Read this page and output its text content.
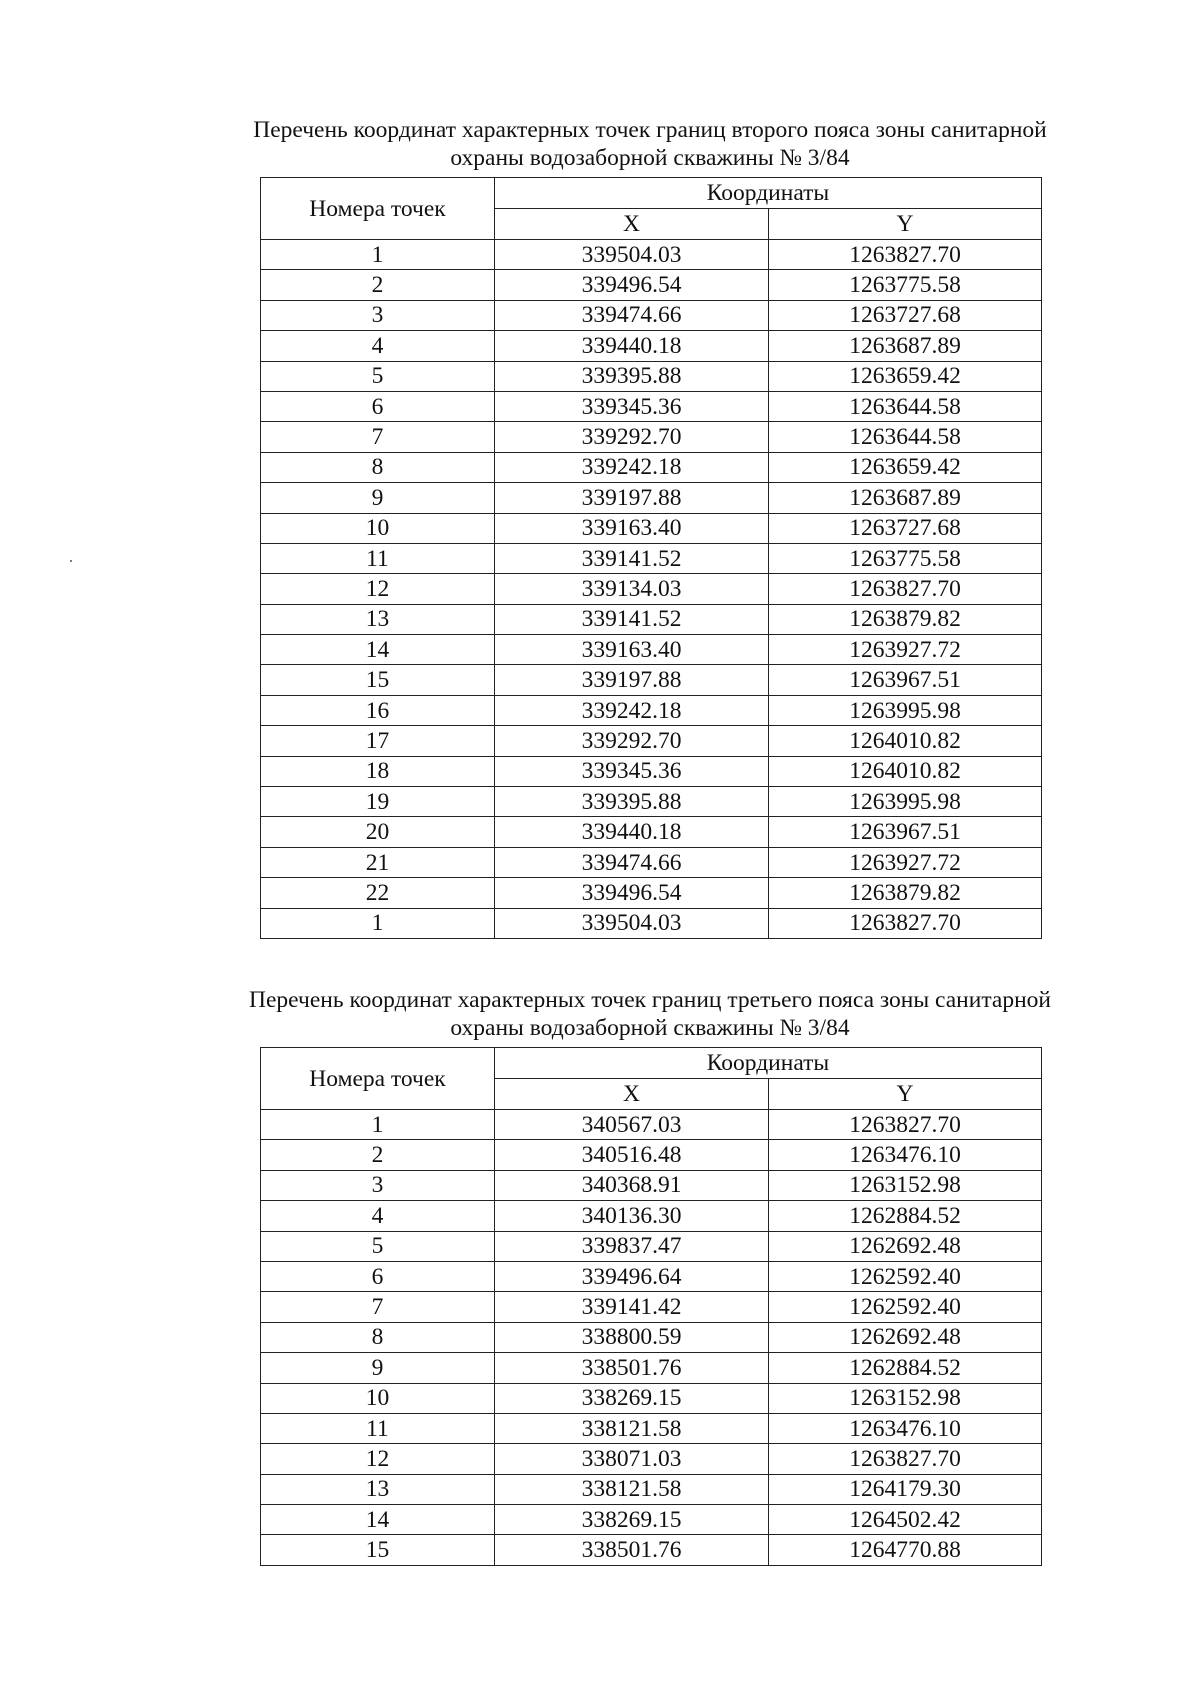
Перечень координат характерных точек границ второго пояса зоны санитарной
охраны водозаборной скважины № 3/84
Номера точек	Координаты	
	X	Y
1	339504.03	1263827.70
2	339496.54	1263775.58
3	339474.66	1263727.68
4	339440.18	1263687.89
5	339395.88	1263659.42
6	339345.36	1263644.58
7	339292.70	1263644.58
8	339242.18	1263659.42
9	339197.88	1263687.89
10	339163.40	1263727.68
11	339141.52	1263775.58
12	339134.03	1263827.70
13	339141.52	1263879.82
14	339163.40	1263927.72
15	339197.88	1263967.51
16	339242.18	1263995.98
17	339292.70	1264010.82
18	339345.36	1264010.82
19	339395.88	1263995.98
20	339440.18	1263967.51
21	339474.66	1263927.72
22	339496.54	1263879.82
1	339504.03	1263827.70
Перечень координат характерных точек границ третьего пояса зоны санитарной
охраны водозаборной скважины № 3/84
Номера точек	Координаты	
	X	Y
1	340567.03	1263827.70
2	340516.48	1263476.10
3	340368.91	1263152.98
4	340136.30	1262884.52
5	339837.47	1262692.48
6	339496.64	1262592.40
7	339141.42	1262592.40
8	338800.59	1262692.48
9	338501.76	1262884.52
10	338269.15	1263152.98
11	338121.58	1263476.10
12	338071.03	1263827.70
13	338121.58	1264179.30
14	338269.15	1264502.42
15	338501.76	1264770.88
